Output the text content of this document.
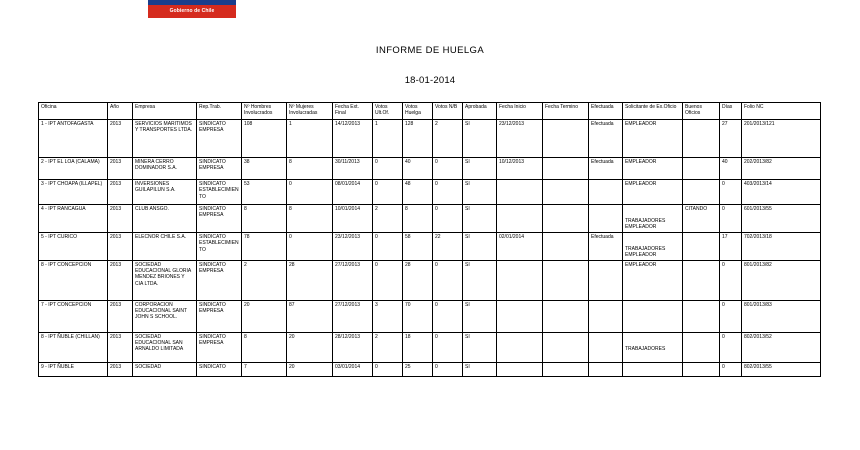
Gobierno de Chile
INFORME DE HUELGA
18-01-2014
Oficina	Año	Empresa	Rep.Trab.	Nº Hombres Involucrados	Nº Mujeres Involucradas	Fecha Ext. Final	Votos Ult.Of.	Votos Huelga	Votos N/B	Aprobada	Fecha Inicio	Fecha Termino	Efectuada	Solicitante de Ex.Oficio	Buenos Oficios	Días	Folio NC
1 - IPT ANTOFAGASTA	2013	SERVICIOS MARITIMOS Y TRANSPORTES LTDA.	SINDICATO EMPRESA	108	1	14/12/2013	1	128	2	SI	23/12/2013		Efectuada	EMPLEADOR		27	201/2013/121
2 - IPT EL LOA (CALAMA)	2013	MINERA CERRO DOMINADOR S.A.	SINDICATO EMPRESA	38	8	30/11/2013	0	40	0	SI	10/12/2013		Efectuada	EMPLEADOR		40	202/2013/82
3 - IPT CHOAPA (ILLAPEL)	2013	INVERSIONES GUILAPILUN S.A.	SINDICATO ESTABLECIMIENTO	53	0	08/01/2014	0	48	0	SI				EMPLEADOR		0	403/2013/14
4 - IPT RANCAGUA	2013	CLUB ANSGO.	SINDICATO EMPRESA	8	8	10/01/2014	2	8	0	SI				TRABAJADORES EMPLEADOR	CITANDO	0	601/2013/55
5 - IPT CURICO	2013	ELECNOR CHILE S.A.	SINDICATO ESTABLECIMIENTO	78	0	23/12/2013	0	58	22	SI	02/01/2014		Efectuada	TRABAJADORES EMPLEADOR		17	702/2013/18
8 - IPT CONCEPCION	2013	SOCIEDAD EDUCACIONAL GLORIA MENDEZ BRIONES Y CIA LTDA.	SINDICATO EMPRESA	2	28	27/12/2013	0	28	0	SI				EMPLEADOR		0	801/2013/82
7 - IPT CONCEPCION	2013	CORPORACION EDUCACIONAL SAINT JOHN S SCHOOL.	SINDICATO EMPRESA	20	87	27/12/2013	3	70	0	SI						0	801/2013/83
8 - IPT ÑUBLE (CHILLAN)	2013	SOCIEDAD EDUCACIONAL SAN ARNALDO LIMITADA	SINDICATO EMPRESA	8	20	28/12/2013	2	18	0	SI				TRABAJADORES		0	802/2013/52
9 - IPT ÑUBLE	2013	SOCIEDAD	SINDICATO	7	20	03/01/2014	0	25	0	SI						0	802/2013/55
